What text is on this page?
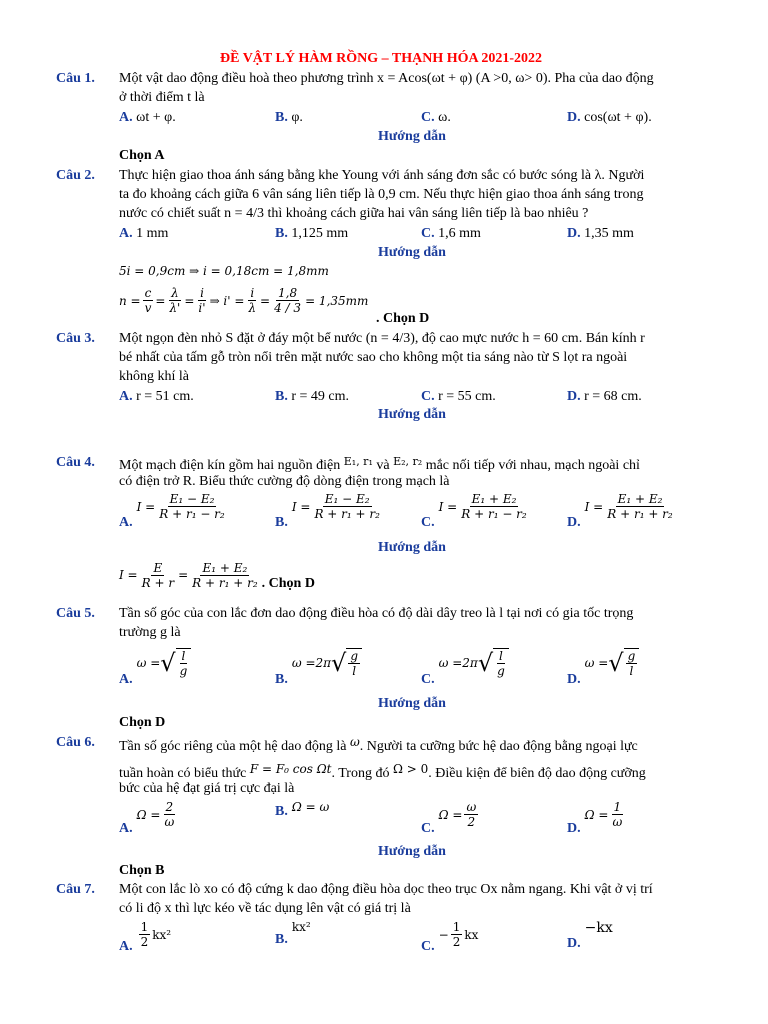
ĐỀ VẬT LÝ HÀM RỒNG – THẠNH HÓA 2021-2022
Câu 1. Một vật dao động điều hoà theo phương trình x = Acos(ωt + φ) (A >0, ω> 0). Pha của dao động
ở thời điểm t là
A. ωt + φ.	B. φ.	C. ω.	D. cos(ωt + φ).
Hướng dẫn
Chọn A
Câu 2. Thực hiện giao thoa ánh sáng bằng khe Young với ánh sáng đơn sắc có bước sóng là λ. Người
ta đo khoảng cách giữa 6 vân sáng liên tiếp là 0,9 cm. Nếu thực hiện giao thoa ánh sáng trong
nước có chiết suất n = 4/3 thì khoảng cách giữa hai vân sáng liên tiếp là bao nhiêu ?
A. 1 mm	B. 1,125 mm	C. 1,6 mm	D. 1,35 mm
Hướng dẫn
5i = 0,9cm ⇒ i = 0,18cm = 1,8mm
$n = \frac{c}{v} = \frac{\lambda}{\lambda'} = \frac{i}{i'}$ ⇒ $i' = \frac{i}{\lambda} = \frac{1,8}{4 / 3} = 1,35mm$
. Chọn D
Câu 3. Một ngọn đèn nhỏ S đặt ở đáy một bể nước (n = 4/3), độ cao mực nước h = 60 cm. Bán kính r
bé nhất của tấm gỗ tròn nổi trên mặt nước sao cho không một tia sáng nào từ S lọt ra ngoài
không khí là
A. r = 51 cm.	B. r = 49 cm.	C. r = 55 cm.	D. r = 68 cm.
Hướng dẫn
Câu 4. Một mạch điện kín gồm hai nguồn điện $^{E_1, r_1}$ và $^{E_2, r_2}$ mắc nối tiếp với nhau, mạch ngoài chỉ
có điện trở R. Biểu thức cường độ dòng điện trong mạch là
A.
$I = \frac{\text{E₁ − E₂}}{\text{R + r₁ − r₂}}$
B.
$I = \frac{\text{E₁ − E₂}}{\text{R + r₁ + r₂}}$
C.
$I = \frac{\text{E₁ + E₂}}{\text{R + r₁ − r₂}}$
D.
$I = \frac{\text{E₁ + E₂}}{\text{R + r₁ + r₂}}$
Hướng dẫn
$I = \frac{E}{R + r} = \frac{\text{E₁ + E₂}}{\text{R + r₁ + r₂}}$ . Chọn D
Câu 5. Tần số góc của con lắc đơn dao động điều hòa có độ dài dây treo là l tại nơi có gia tốc trọng
trường g là
A.
ω = √ $\frac{l}{g}$
B.
ω = 2π √ $\frac{g}{l}$
C.
ω = 2π √ $\frac{l}{g}$
D.
ω = √ $\frac{g}{l}$
Hướng dẫn
Chọn D
Câu 6. Tần số góc riêng của một hệ dao động là ω. Người ta cưỡng bức hệ dao động bằng ngoại lực
tuần hoàn có biểu thức F = F₀ cos Ωt. Trong đó Ω > 0. Điều kiện để biên độ dao động cưỡng
bức của hệ đạt giá trị cực đại là
A.
$\Omega = \frac{2}{\omega}$	B. Ω = ω
C.
$\Omega = \frac{\omega}{2}$	D.
$\Omega = \frac{1}{\omega}$
Hướng dẫn
Chọn B
Câu 7. Một con lắc lò xo có độ cứng k dao động điều hòa dọc theo trục Ox nằm ngang. Khi vật ở vị trí
có li độ x thì lực kéo về tác dụng lên vật có giá trị là
A. $\frac{1}{2} kx^2$	B.
kx²
C.
− $\frac{1}{2}$ kx
D.
−kx
